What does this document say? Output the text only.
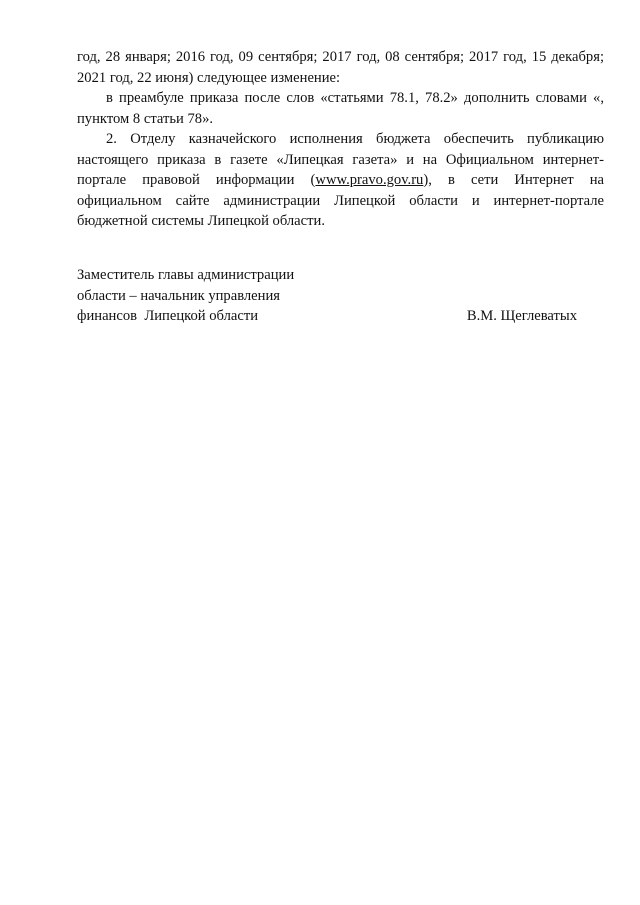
год, 28 января; 2016 год, 09 сентября; 2017 год, 08 сентября; 2017 год, 15 декабря; 2021 год, 22 июня) следующее изменение:

в преамбуле приказа после слов «статьями 78.1, 78.2» дополнить словами «, пунктом 8 статьи 78».

2. Отделу казначейского исполнения бюджета обеспечить публикацию настоящего приказа в газете «Липецкая газета» и на Официальном интернет-портале правовой информации (www.pravo.gov.ru), в сети Интернет на официальном сайте администрации Липецкой области и интернет-портале бюджетной системы Липецкой области.

Заместитель главы администрации
области – начальник управления
финансов  Липецкой области	В.М. Щеглеватых
